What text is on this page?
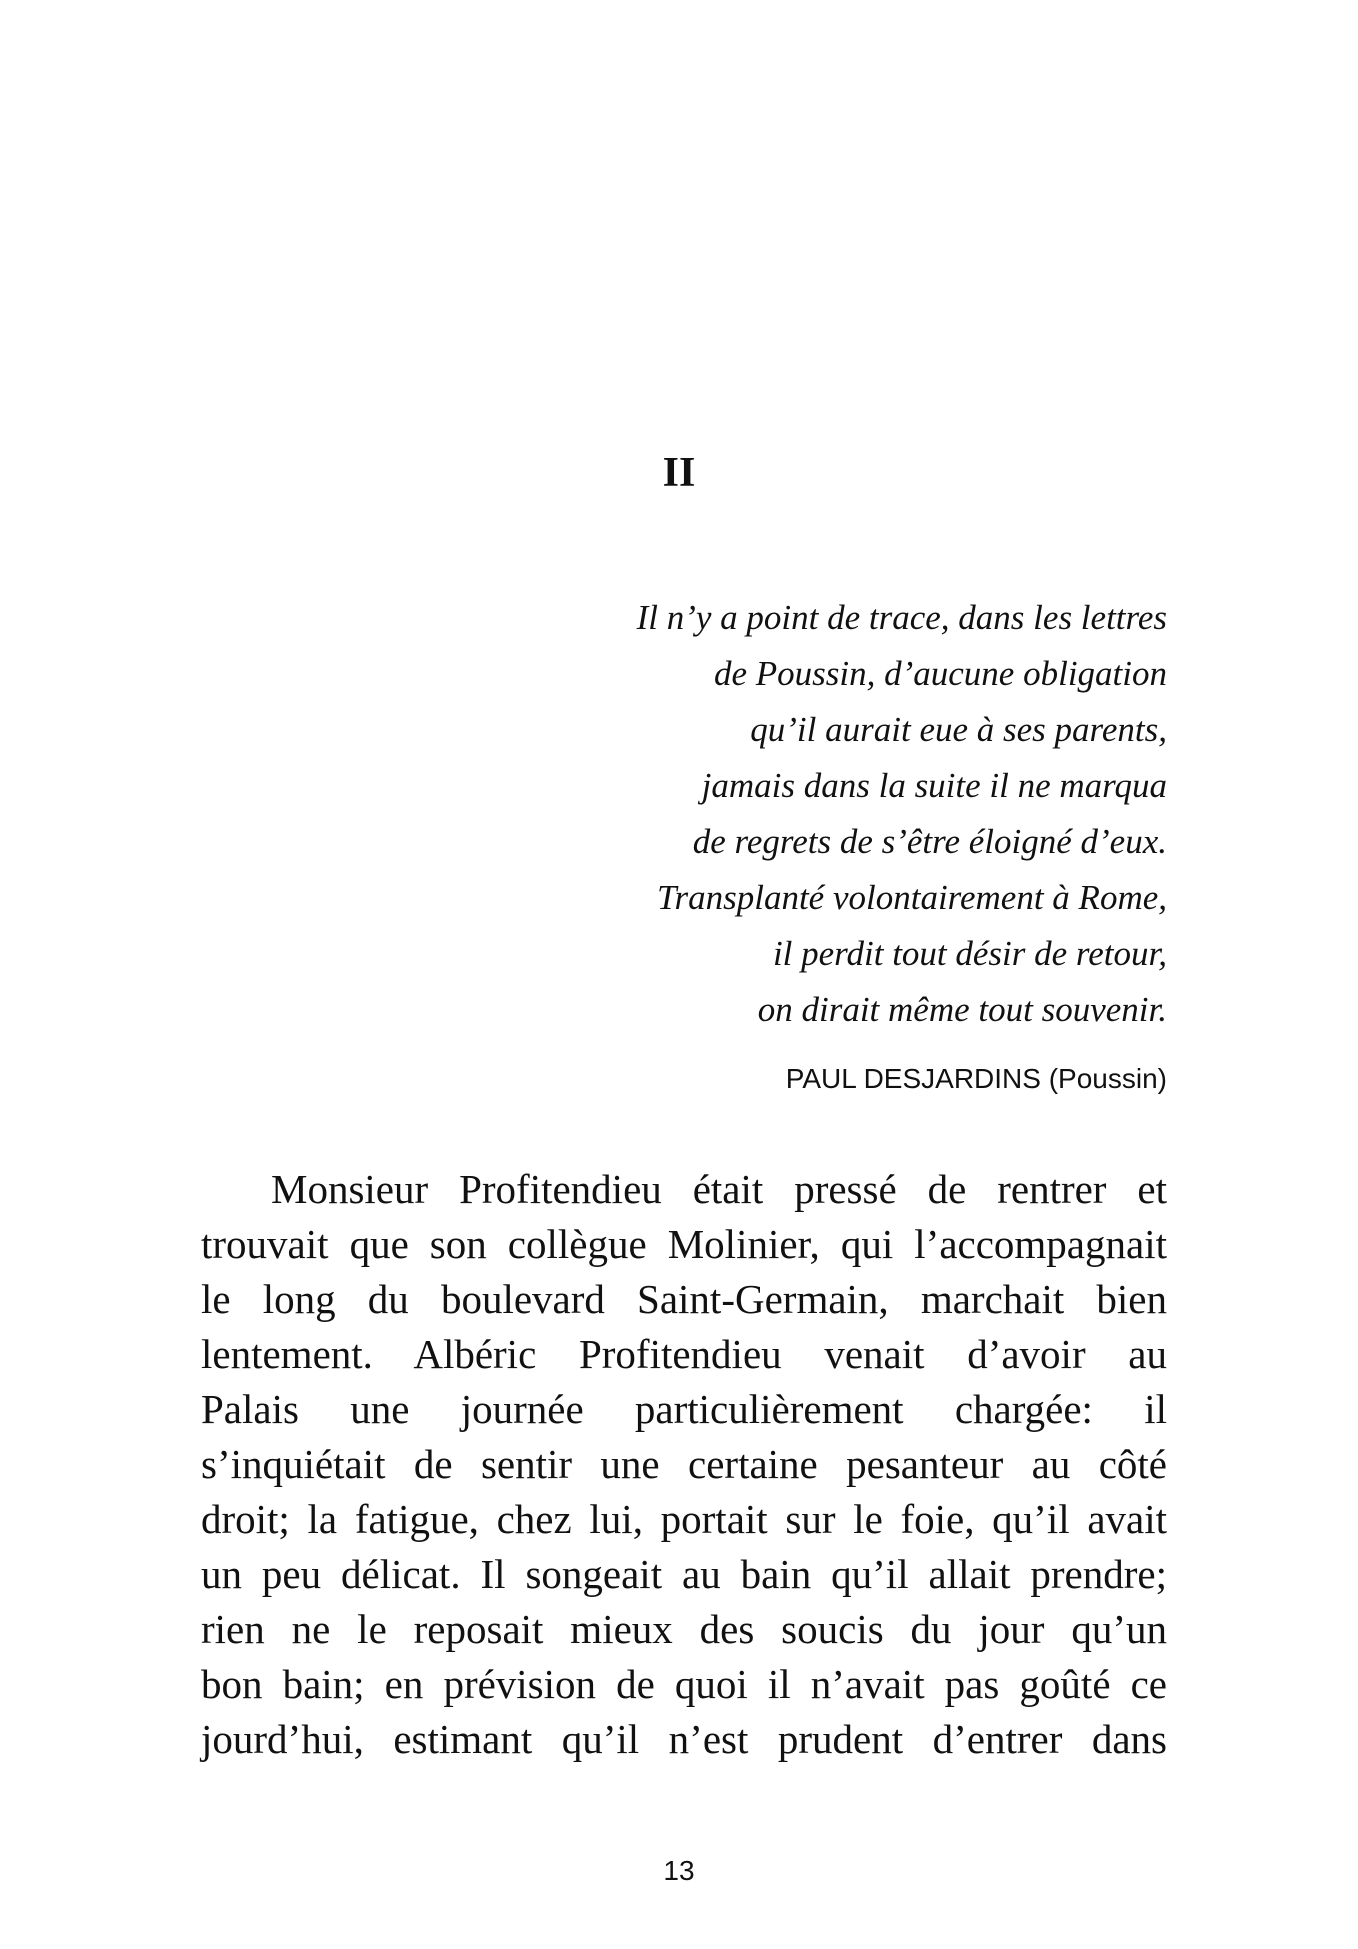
II
Il n’y a point de trace, dans les lettres
de Poussin, d’aucune obligation
qu’il aurait eue à ses parents,
jamais dans la suite il ne marqua
de regrets de s’être éloigné d’eux.
Transplanté volontairement à Rome,
il perdit tout désir de retour,
on dirait même tout souvenir.

PAUL DESJARDINS (Poussin)

Monsieur Profitendieu était pressé de rentrer et
trouvait que son collègue Molinier, qui l’accompagnait
le long du boulevard Saint-Germain, marchait bien
lentement. Albéric Profitendieu venait d’avoir au
Palais une journée particulièrement chargée: il
s’inquiétait de sentir une certaine pesanteur au côté
droit; la fatigue, chez lui, portait sur le foie, qu’il avait
un peu délicat. Il songeait au bain qu’il allait prendre;
rien ne le reposait mieux des soucis du jour qu’un
bon bain; en prévision de quoi il n’avait pas goûté ce
jourd’hui, estimant qu’il n’est prudent d’entrer dans
13
